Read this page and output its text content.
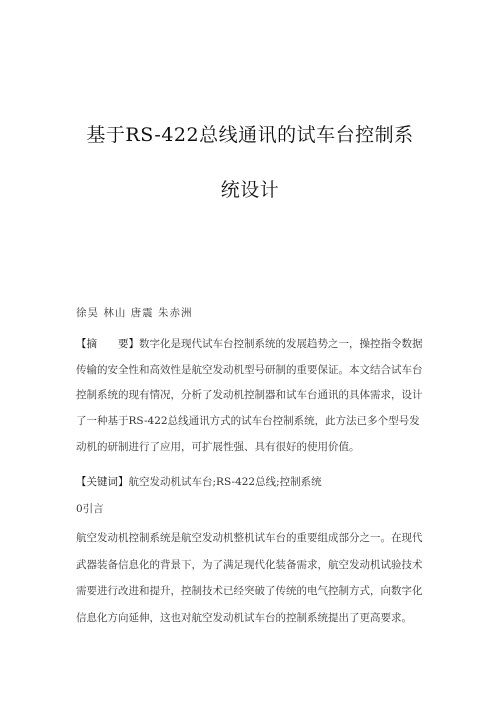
基于RS-422总线通讯的试车台控制系
统设计
徐昊 林山 唐震 朱赤洲
【摘　　要】数字化是现代试车台控制系统的发展趋势之一，操控指令数据传输的安全性和高效性是航空发动机型号研制的重要保证。本文结合试车台控制系统的现有情况，分析了发动机控制器和试车台通讯的具体需求，设计了一种基于RS-422总线通讯方式的试车台控制系统，此方法已多个型号发动机的研制进行了应用，可扩展性强、具有很好的使用价值。
【关键词】航空发动机试车台;RS-422总线;控制系统
0引言
航空发动机控制系统是航空发动机整机试车台的重要组成部分之一。在现代武器装备信息化的背景下，为了满足现代化装备需求，航空发动机试验技术需要进行改进和提升，控制技术已经突破了传统的电气控制方式，向数字化信息化方向延伸，这也对航空发动机试车台的控制系统提出了更高要求。
